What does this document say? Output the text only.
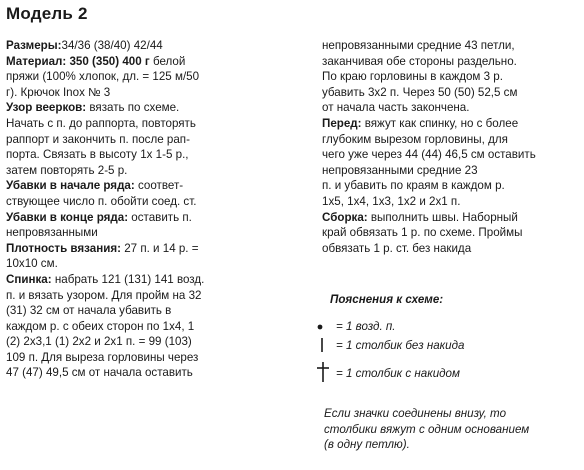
Модель 2
Размеры:34/36 (38/40) 42/44
Материал: 350 (350) 400 г белой
пряжи (100% хлопок, дл. = 125 м/50
г). Крючок Inox № 3
Узор веерков: вязать по схеме.
Начать с п. до раппорта, повторять
раппорт и закончить п. после рап-
порта. Связать в высоту 1х 1-5 р.,
затем повторять 2-5 р.
Убавки в начале ряда: соответ-
ствующее число п. обойти соед. ст.
Убавки в конце ряда: оставить п.
непровязанными
Плотность вязания: 27 п. и 14 р. =
10х10 см.
Спинка: набрать 121 (131) 141 возд.
п. и вязать узором. Для пройм на 32
(31) 32 см от начала убавить в
каждом р. с обеих сторон по 1х4, 1
(2) 2х3,1 (1) 2х2 и 2х1 п. = 99 (103)
109 п. Для выреза горловины через
47 (47) 49,5 см от начала оставить
непровязанными средние 43 петли,
заканчивая обе стороны раздельно.
По краю горловины в каждом 3 р.
убавить 3х2 п. Через 50 (50) 52,5 см
от начала часть закончена.
Перед: вяжут как спинку, но с более
глубоким вырезом горловины, для
чего уже через 44 (44) 46,5 см оставить
непровязанными средние 23
п. и убавить по краям в каждом р.
1х5, 1х4, 1х3, 1х2 и 2х1 п.
Сборка: выполнить швы. Наборный
край обвязать 1 р. по схеме. Проймы
обвязать 1 р. ст. без накида
Пояснения к схеме:
= 1 возд. п.
= 1 столбик без накида
= 1 столбик с накидом
Если значки соединены внизу, то
столбики вяжут с одним основанием
(в одну петлю).
